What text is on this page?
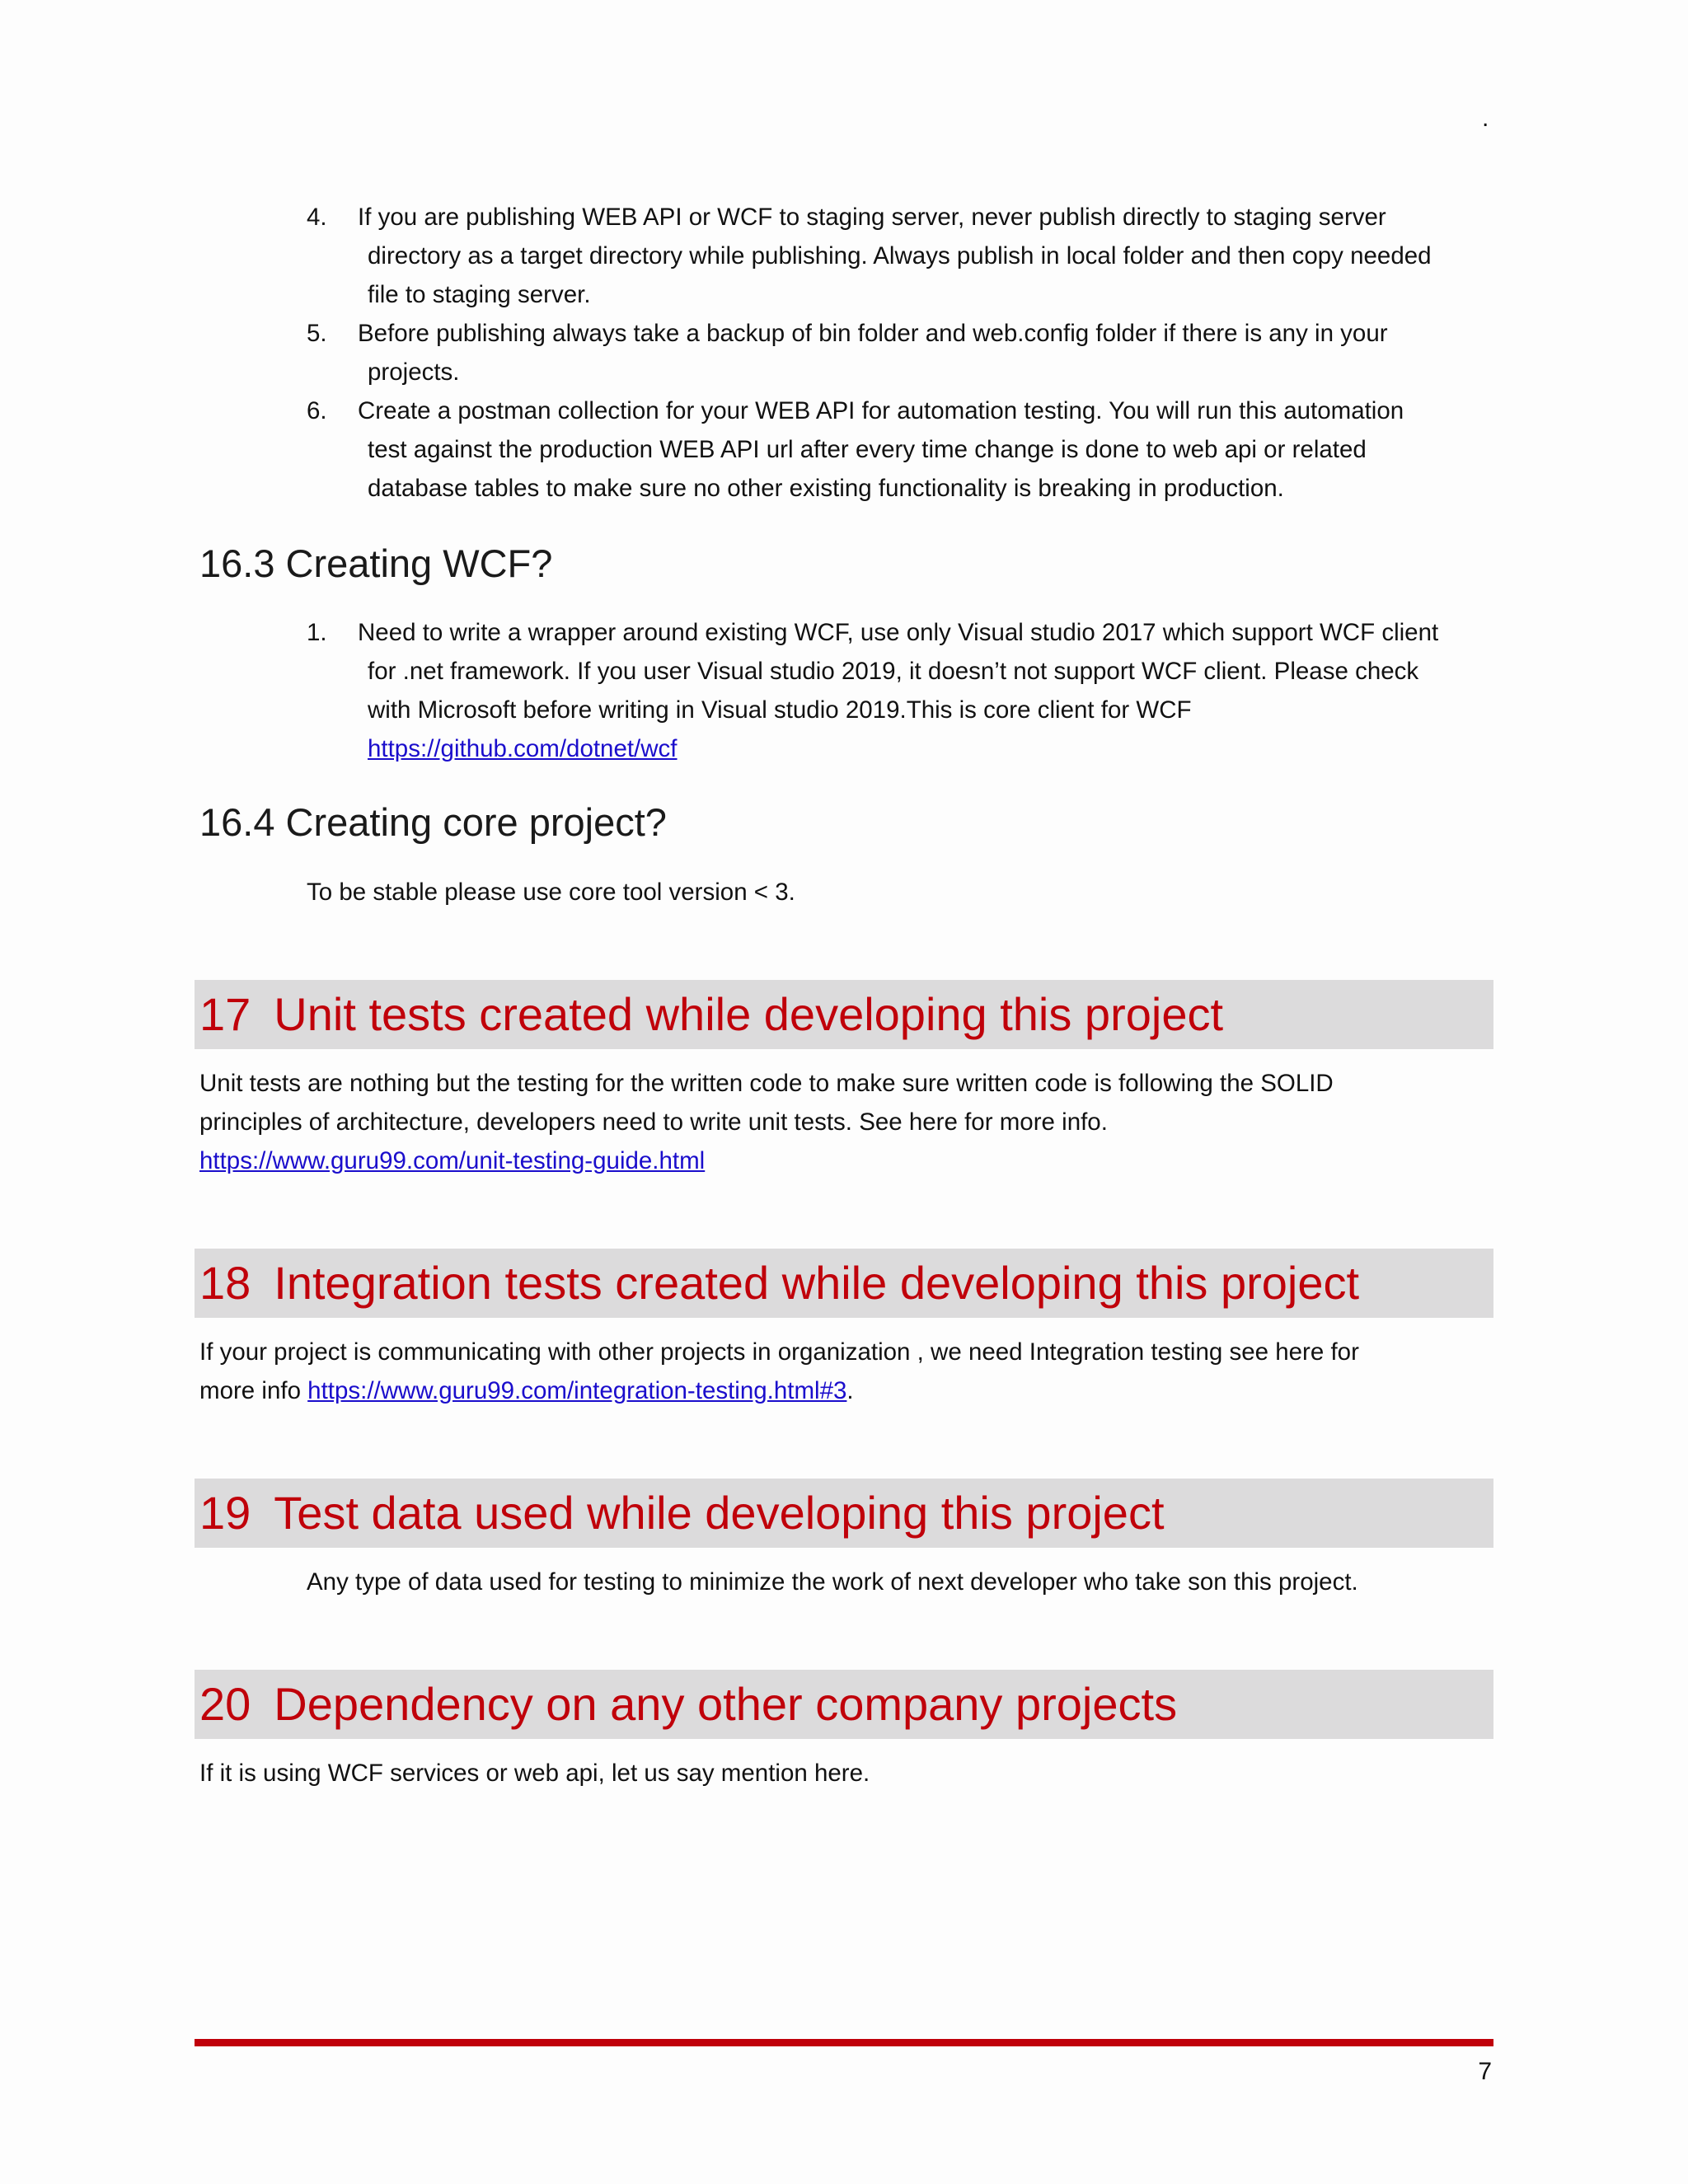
.
4.	If you are publishing WEB API or WCF to staging server, never publish directly to staging server
directory as a target directory while publishing. Always publish in local folder and then copy needed
file to staging server.
5.	Before publishing always take a backup of bin folder and web.config folder if there is any in your
projects.
6.	Create a postman collection for your WEB API for automation testing. You will run this automation
test against the production WEB API url after every time change is done to web api or related
database tables to make sure no other existing functionality is breaking in production.
16.3 Creating WCF?
1.	Need to write a wrapper around existing WCF, use only Visual studio 2017 which support WCF client
for .net framework. If you user Visual studio 2019, it doesn’t not support WCF client. Please check
with Microsoft before writing in Visual studio 2019.This is core client for WCF
https://github.com/dotnet/wcf
16.4 Creating core project?

To be stable please use core tool version < 3.

17 Unit tests created while developing this project
Unit tests are nothing but the testing for the written code to make sure written code is following the SOLID
principles of architecture, developers need to write unit tests. See here for more info.
https://www.guru99.com/unit-testing-guide.html
18 Integration tests created while developing this project
If your project is communicating with other projects in organization , we need Integration testing see here for
more info https://www.guru99.com/integration-testing.html#3.
19 Test data used while developing this project

Any type of data used for testing to minimize the work of next developer who take son this project.

20 Dependency on any other company projects

If it is using WCF services or web api, let us say mention here.

7
